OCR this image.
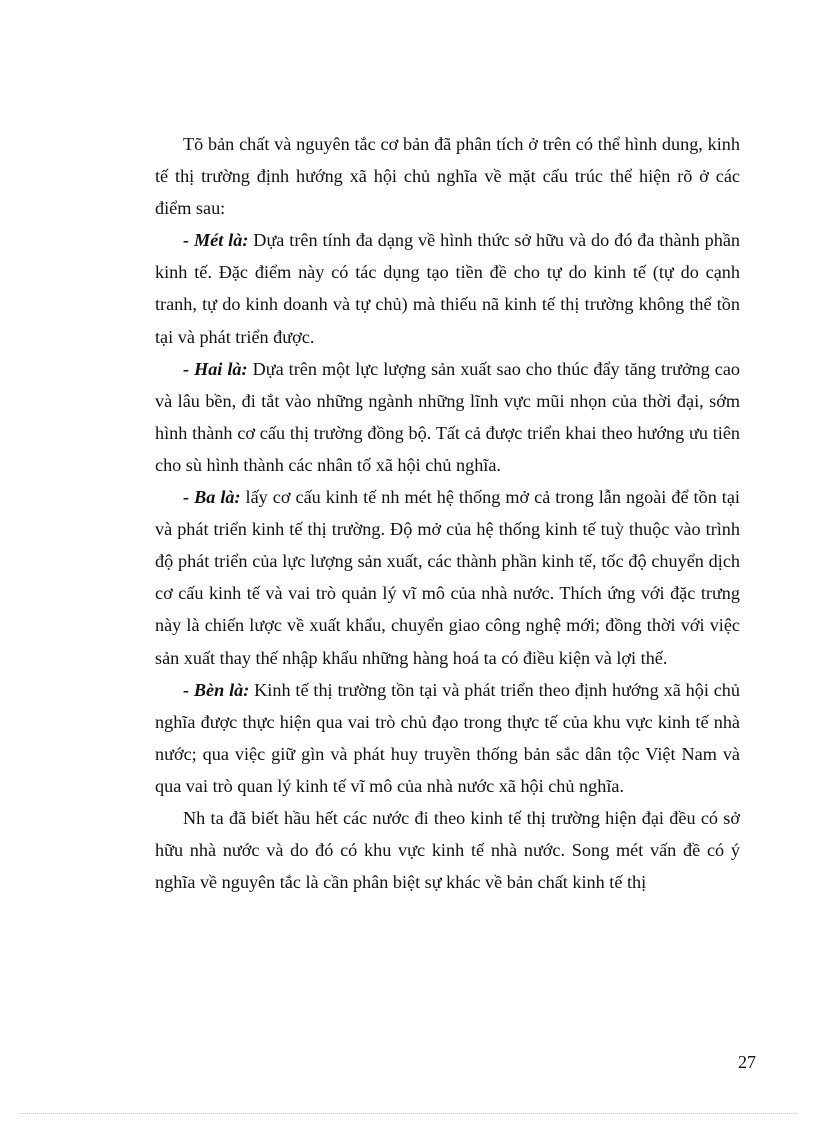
Tõ bản chất và nguyên tắc cơ bản đã phân tích ở trên có thể hình dung, kinh tế thị trường định hướng xã hội chủ nghĩa về mặt cấu trúc thể hiện rõ ở các điểm sau:

- Mét là: Dựa trên tính đa dạng về hình thức sở hữu và do đó đa thành phần kinh tế. Đặc điểm này có tác dụng tạo tiền đề cho tự do kinh tế (tự do cạnh tranh, tự do kinh doanh và tự chủ) mà thiếu nã kinh tế thị trường không thể tồn tại và phát triển được.

- Hai là: Dựa trên một lực lượng sản xuất sao cho thúc đẩy tăng trưởng cao và lâu bền, đi tắt vào những ngành những lĩnh vực mũi nhọn của thời đại, sớm hình thành cơ cấu thị trường đồng bộ. Tất cả được triển khai theo hướng ưu tiên cho sù hình thành các nhân tố xã hội chủ nghĩa.

- Ba là: lấy cơ cấu kinh tế nh mét hệ thống mở cả trong lẫn ngoài để tồn tại và phát triển kinh tế thị trường. Độ mở của hệ thống kinh tế tuỳ thuộc vào trình độ phát triển của lực lượng sản xuất, các thành phần kinh tế, tốc độ chuyển dịch cơ cấu kinh tế và vai trò quản lý vĩ mô của nhà nước. Thích ứng với đặc trưng này là chiến lược về xuất khẩu, chuyển giao công nghệ mới; đồng thời với việc sản xuất thay thế nhập khẩu những hàng hoá ta có điều kiện và lợi thế.

- Bèn là: Kinh tế thị trường tồn tại và phát triển theo định hướng xã hội chủ nghĩa được thực hiện qua vai trò chủ đạo trong thực tế của khu vực kinh tế nhà nước; qua việc giữ gìn và phát huy truyền thống bản sắc dân tộc Việt Nam và qua vai trò quan lý kinh tế vĩ mô của nhà nước xã hội chủ nghĩa.

Nh ta đã biết hầu hết các nước đi theo kinh tế thị trường hiện đại đều có sở hữu nhà nước và do đó có khu vực kinh tế nhà nước. Song mét vấn đề có ý nghĩa về nguyên tắc là cần phân biệt sự khác về bản chất kinh tế thị

27
